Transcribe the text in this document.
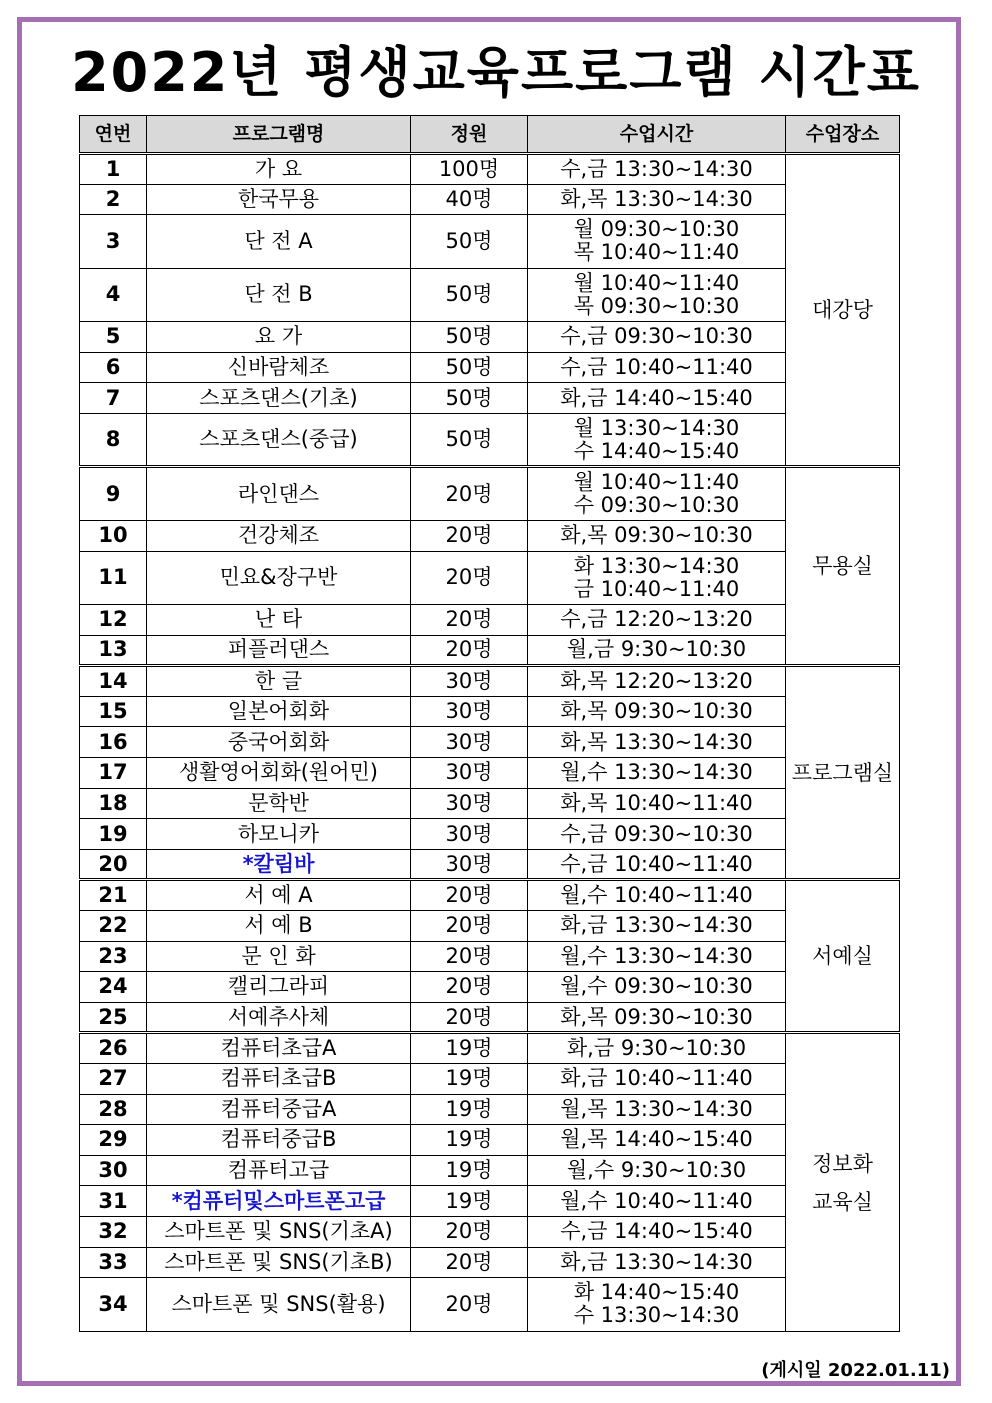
2022년 평생교육프로그램 시간표
연번	프로그램명	정원	수업시간	수업장소
1	가 요	100명	수,금 13:30~14:30	대강당
2	한국무용	40명	화,목 13:30~14:30	

3	단 전 A	50명	월 09:30~10:30
목 10:40~11:40	

4	단 전 B	50명	월 10:40~11:40
목 09:30~10:30	

5	요 가	50명	수,금 09:30~10:30	

6	신바람체조	50명	수,금 10:40~11:40	

7	스포츠댄스(기초)	50명	화,금 14:40~15:40	

8	스포츠댄스(중급)	50명	월 13:30~14:30
수 14:40~15:40	

9	라인댄스	20명	월 10:40~11:40
수 09:30~10:30	무용실
10	건강체조	20명	화,목 09:30~10:30	

11	민요&장구반	20명	화 13:30~14:30
금 10:40~11:40	

12	난 타	20명	수,금 12:20~13:20	

13	퍼플러댄스	20명	월,금 9:30~10:30	

14	한 글	30명	화,목 12:20~13:20	프로그램실
15	일본어회화	30명	화,목 09:30~10:30	

16	중국어회화	30명	화,목 13:30~14:30	

17	생활영어회화(원어민)	30명	월,수 13:30~14:30	

18	문학반	30명	화,목 10:40~11:40	

19	하모니카	30명	수,금 09:30~10:30	

20	*칼림바	30명	수,금 10:40~11:40	

21	서 예 A	20명	월,수 10:40~11:40	서예실
22	서 예 B	20명	화,금 13:30~14:30	

23	문 인 화	20명	월,수 13:30~14:30	

24	캘리그라피	20명	월,수 09:30~10:30	

25	서예추사체	20명	화,목 09:30~10:30	

26	컴퓨터초급A	19명	화,금 9:30~10:30	정보화
교육실
27	컴퓨터초급B	19명	화,금 10:40~11:40	

28	컴퓨터중급A	19명	월,목 13:30~14:30	

29	컴퓨터중급B	19명	월,목 14:40~15:40	

30	컴퓨터고급	19명	월,수 9:30~10:30	

31	*컴퓨터및스마트폰고급	19명	월,수 10:40~11:40	

32	스마트폰 및 SNS(기초A)	20명	수,금 14:40~15:40	

33	스마트폰 및 SNS(기초B)	20명	화,금 13:30~14:30	

34	스마트폰 및 SNS(활용)	20명	화 14:40~15:40
수 13:30~14:30	
(게시일 2022.01.11)
